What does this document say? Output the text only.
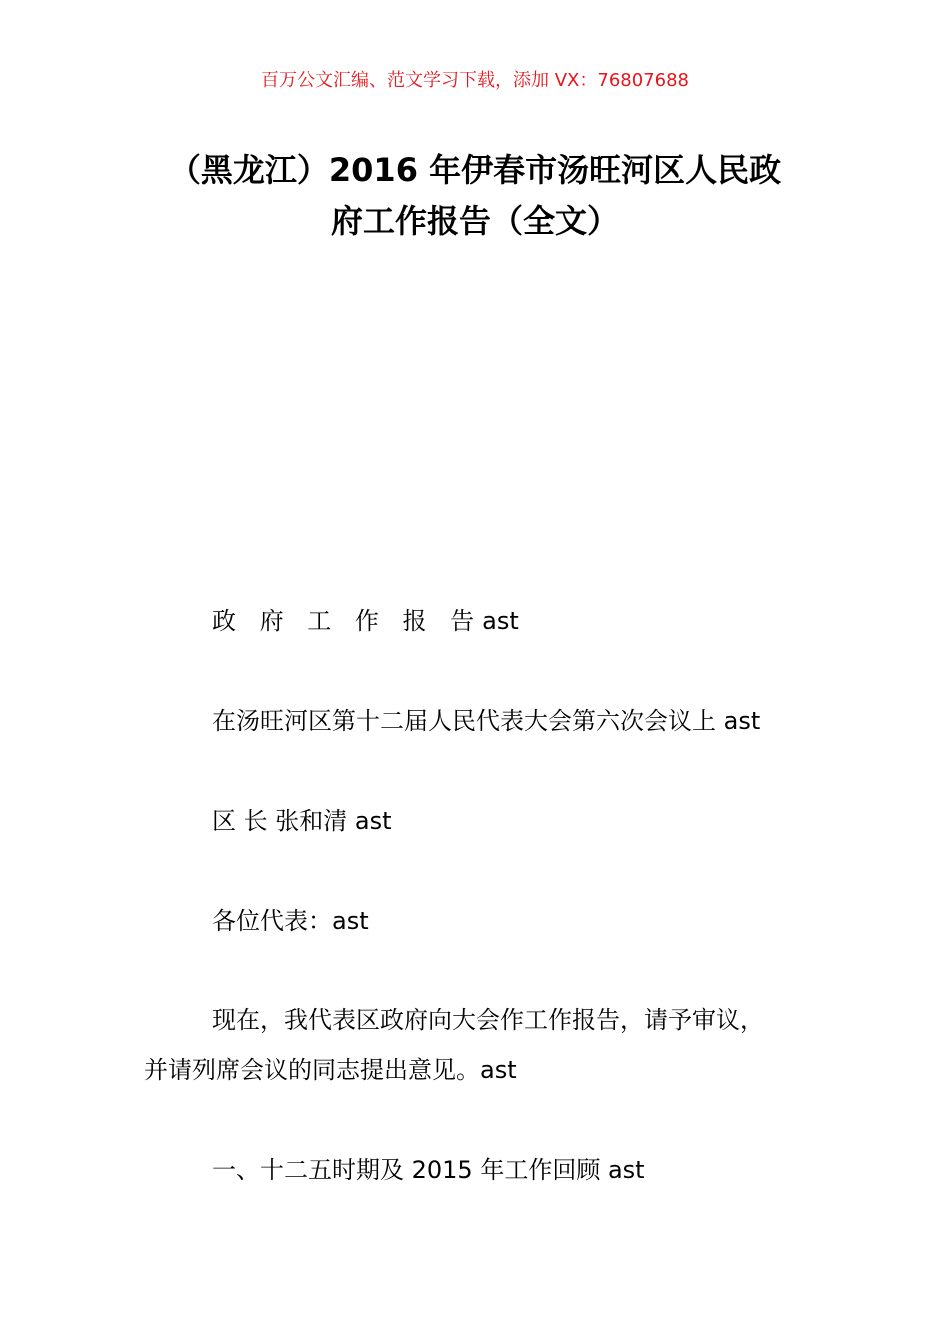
百万公文汇编、范文学习下载，添加 VX：76807688
（黑龙江）2016 年伊春市汤旺河区人民政
府工作报告（全文）
政 府 工 作 报 告ast
在汤旺河区第十二届人民代表大会第六次会议上 ast
区 长 张和清 ast
各位代表：ast
现在，我代表区政府向大会作工作报告，请予审议，
并请列席会议的同志提出意见。ast
一、十二五时期及 2015 年工作回顾 ast
